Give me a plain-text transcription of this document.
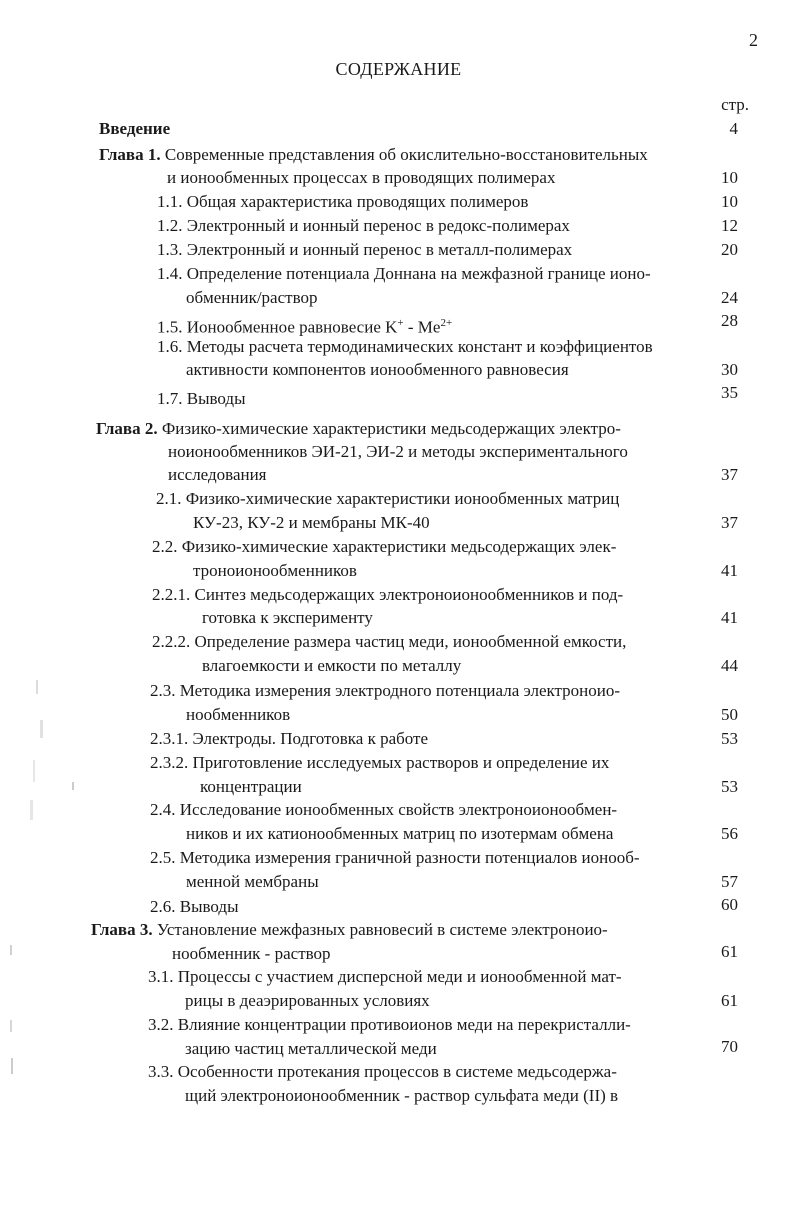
2
СОДЕРЖАНИЕ
стр.
Введение	4
Глава 1. Современные представления об окислительно-восстановительных
и ионообменных процессах в проводящих полимерах	10
1.1. Общая характеристика проводящих полимеров	10
1.2. Электронный и ионный перенос в редокс-полимерах	12
1.3. Электронный и ионный перенос в металл-полимерах	20
1.4. Определение потенциала Доннана на межфазной границе ионо-
обменник/раствор	24
1.5. Ионообменное равновесие $K^+ - Me^{2+}$	28
1.6. Методы расчета термодинамических констант и коэффициентов
активности компонентов ионообменного равновесия	30
1.7. Выводы	35
Глава 2. Физико-химические характеристики медьсодержащих электро-
ноионообменников ЭИ-21, ЭИ-2 и методы экспериментального
исследования	37
2.1. Физико-химические характеристики ионообменных матриц
КУ-23, КУ-2 и мембраны МК-40	37
2.2. Физико-химические характеристики медьсодержащих элек-
троноионообменников	41
2.2.1. Синтез медьсодержащих электроноионообменников и под-
готовка к эксперименту	41
2.2.2. Определение размера частиц меди, ионообменной емкости,
влагоемкости и емкости по металлу	44
2.3. Методика измерения электродного потенциала электроноио-
нообменников	50
2.3.1. Электроды. Подготовка к работе	53
2.3.2. Приготовление исследуемых растворов и определение их
концентрации	53
2.4. Исследование ионообменных свойств электроноионообмен-
ников и их катионообменных матриц по изотермам обмена	56
2.5. Методика измерения граничной разности потенциалов ионооб-
менной мембраны	57
2.6. Выводы	60
Глава 3. Установление межфазных равновесий в системе электроноио-
нообменник - раствор	61
3.1. Процессы с участием дисперсной меди и ионообменной мат-
рицы в деаэрированных условиях	61
3.2. Влияние концентрации противоионов меди на перекристалли-
зацию частиц металлической меди	70
3.3. Особенности протекания процессов в системе медьсодержа-
щий электроноионообменник - раствор сульфата меди (II) в
